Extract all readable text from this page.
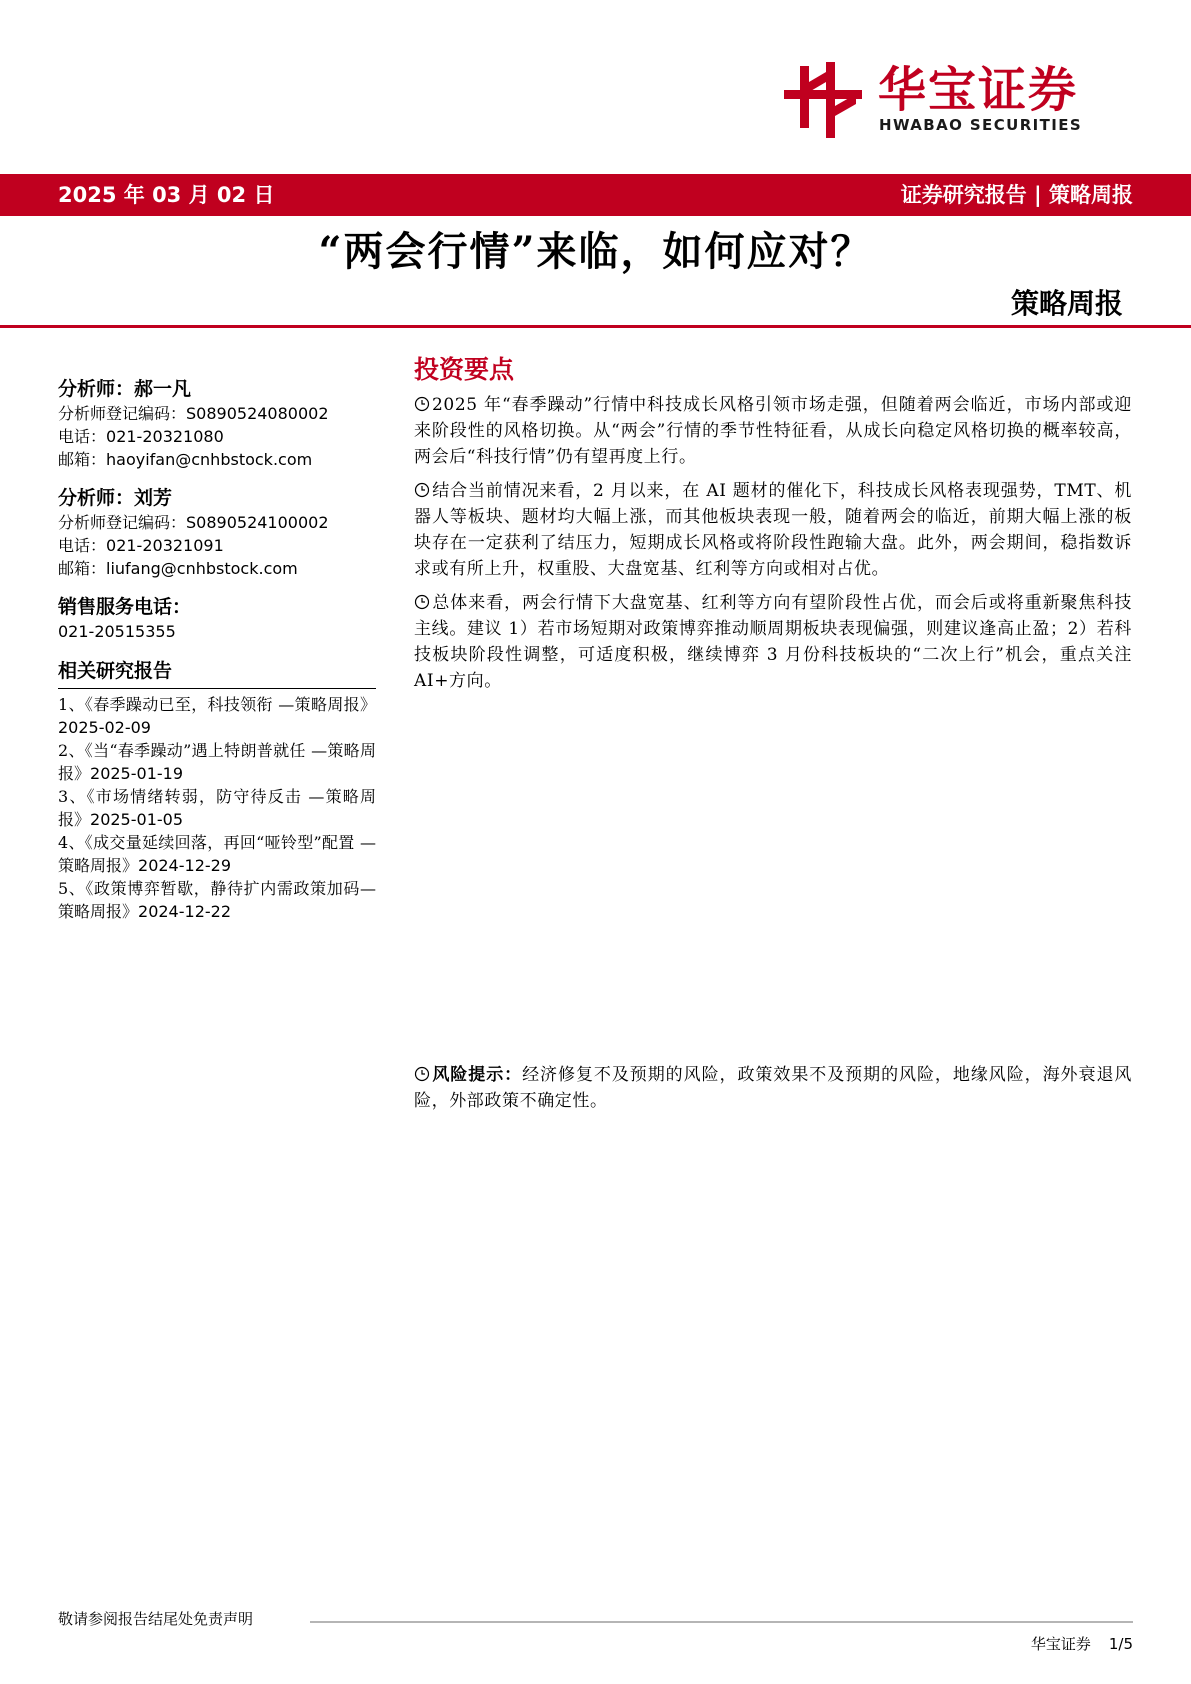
华宝证券
HWABAO SECURITIES
2025 年 03 月 02 日	证券研究报告 | 策略周报
“两会行情”来临，如何应对？
策略周报
分析师：郝一凡
分析师登记编码：S0890524080002
电话：021-20321080
邮箱：haoyifan@cnhbstock.com
分析师：刘芳
分析师登记编码：S0890524100002
电话：021-20321091
邮箱：liufang@cnhbstock.com
销售服务电话：
021-20515355
相关研究报告

1、《春季躁动已至，科技领衔 —策略周报》2025-02-09

2、《当“春季躁动”遇上特朗普就任 —策略周报》2025-01-19

3、《市场情绪转弱，防守待反击 —策略周报》2025-01-05

4、《成交量延续回落，再回“哑铃型”配置 —策略周报》2024-12-29

5、《政策博弈暂歇，静待扩内需政策加码—策略周报》2024-12-22

投资要点

2025 年“春季躁动”行情中科技成长风格引领市场走强，但随着两会临近，市场内部或迎来阶段性的风格切换。从“两会”行情的季节性特征看，从成长向稳定风格切换的概率较高，两会后“科技行情”仍有望再度上行。

结合当前情况来看，2 月以来，在 AI 题材的催化下，科技成长风格表现强势，TMT、机器人等板块、题材均大幅上涨，而其他板块表现一般，随着两会的临近，前期大幅上涨的板块存在一定获利了结压力，短期成长风格或将阶段性跑输大盘。此外，两会期间，稳指数诉求或有所上升，权重股、大盘宽基、红利等方向或相对占优。

总体来看，两会行情下大盘宽基、红利等方向有望阶段性占优，而会后或将重新聚焦科技主线。建议 1）若市场短期对政策博弈推动顺周期板块表现偏强，则建议逢高止盈；2）若科技板块阶段性调整，可适度积极，继续博弈 3 月份科技板块的“二次上行”机会，重点关注 AI+方向。

风险提示：经济修复不及预期的风险，政策效果不及预期的风险，地缘风险，海外衰退风险，外部政策不确定性。

敬请参阅报告结尾处免责声明
华宝证券 1/5
